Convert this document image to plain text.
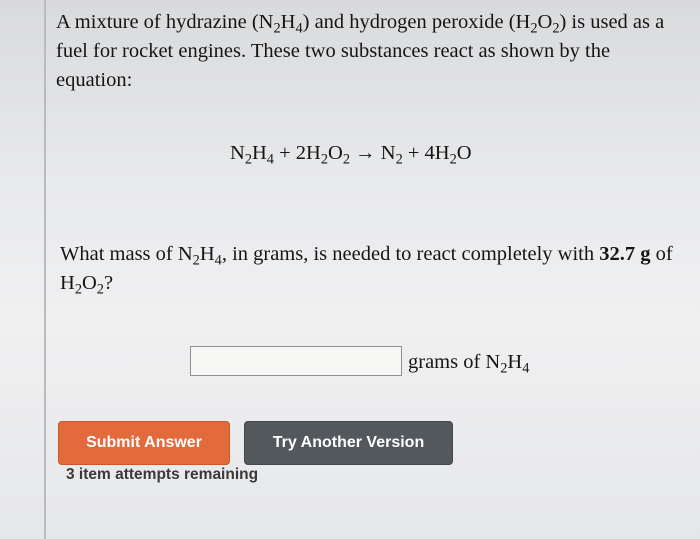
A mixture of hydrazine $(N_2H_4)$ and hydrogen peroxide $(H_2O_2)$ is used as a fuel for rocket engines. These two substances react as shown by the equation:

$N_2H_4 + 2H_2O_2 \to N_2 + 4H_2O$

What mass of $N_2H_4$, in grams, is needed to react completely with 32.7 g of $H_2O_2$?

grams of $N_2H_4$
Submit Answer	Try Another Version
3 item attempts remaining
